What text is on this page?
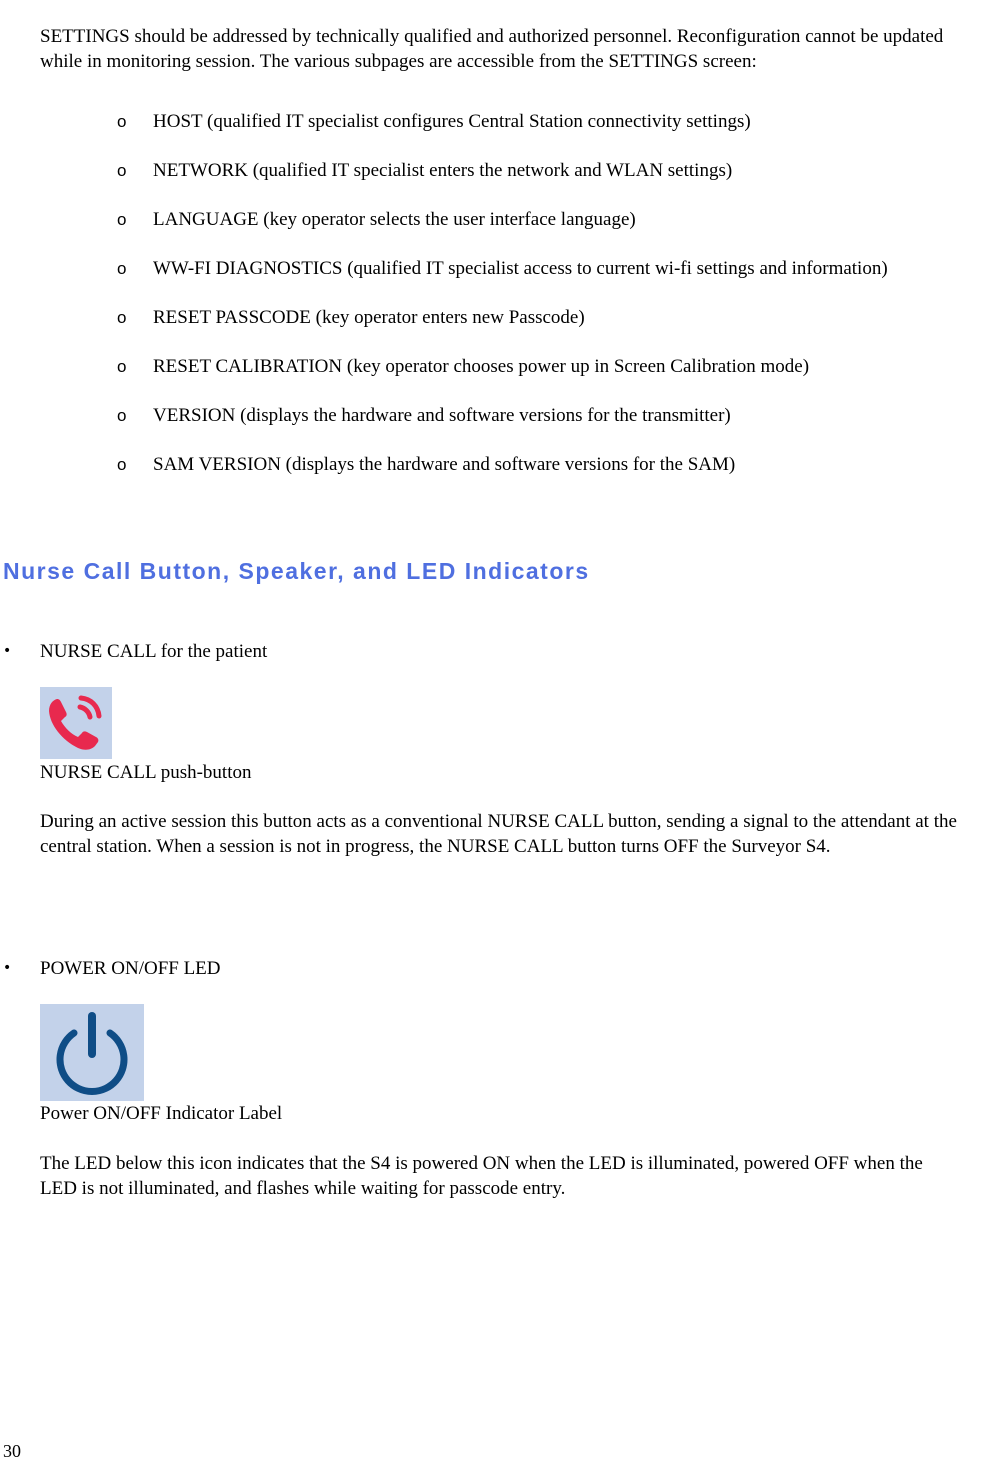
SETTINGS should be addressed by technically qualified and authorized personnel. Reconfiguration cannot be updated while in monitoring session. The various subpages are accessible from the SETTINGS screen:
o	HOST (qualified IT specialist configures Central Station connectivity settings)
o	NETWORK (qualified IT specialist enters the network and WLAN settings)
o	LANGUAGE (key operator selects the user interface language)
o	WW-FI DIAGNOSTICS (qualified IT specialist access to current wi-fi settings and information)
o	RESET PASSCODE (key operator enters new Passcode)
o	RESET CALIBRATION (key operator chooses power up in Screen Calibration mode)
o	VERSION (displays the hardware and software versions for the transmitter)
o	SAM VERSION (displays the hardware and software versions for the SAM)
Nurse Call Button, Speaker, and LED Indicators
•	NURSE CALL for the patient
NURSE CALL push-button
During an active session this button acts as a conventional NURSE CALL button, sending a signal to the attendant at the central station. When a session is not in progress, the NURSE CALL button turns OFF the Surveyor S4.
•	POWER ON/OFF LED
Power ON/OFF Indicator Label
The LED below this icon indicates that the S4 is powered ON when the LED is illuminated, powered OFF when the LED is not illuminated, and flashes while waiting for passcode entry.
30
